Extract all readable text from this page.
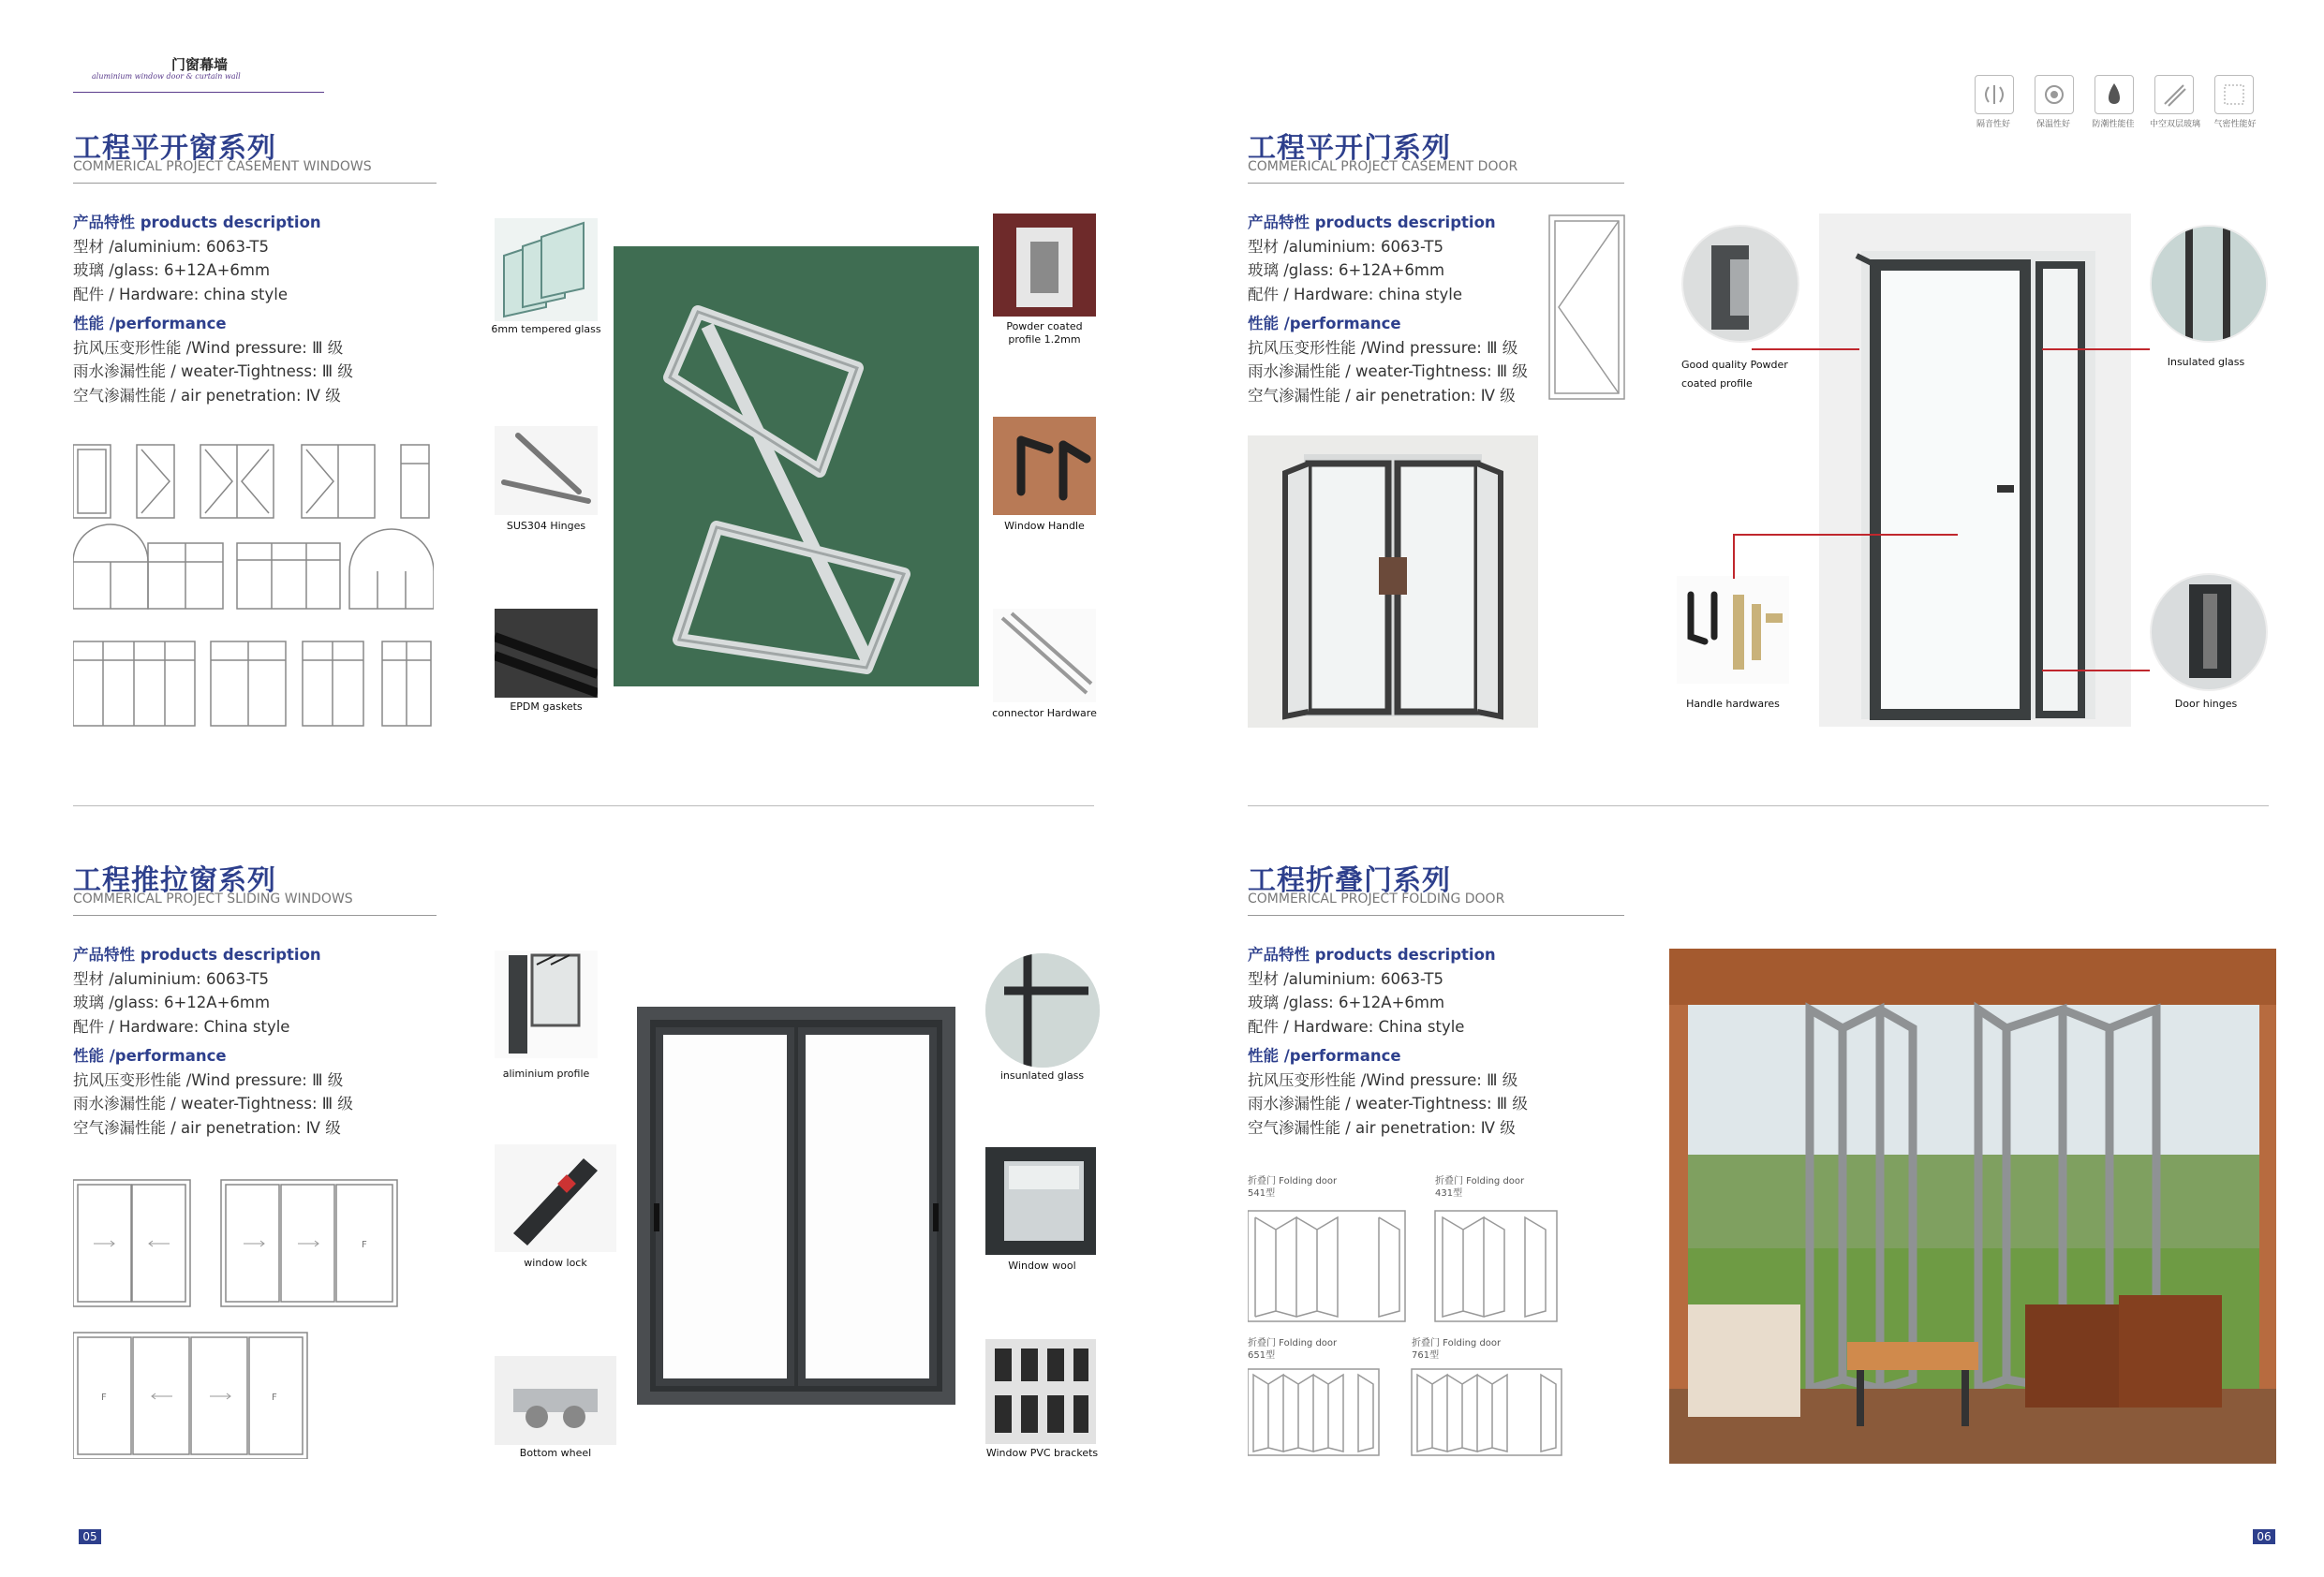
门窗幕墙
aluminium window door & curtain wall
隔音性好	保温性好	防潮性能佳	中空双层玻璃	气密性能好
工程平开窗系列
COMMERICAL PROJECT CASEMENT WINDOWS
产品特性 products description
型材 /aluminium: 6063-T5
玻璃 /glass: 6+12A+6mm
配件 / Hardware: china style
性能 /performance
抗风压变形性能 /Wind pressure: Ⅲ 级
雨水渗漏性能 / weater-Tightness: Ⅲ 级
空气渗漏性能 / air penetration: Ⅳ 级
6mm tempered glass
SUS304 Hinges
EPDM gaskets
Powder coated profile 1.2mm
Window Handle
connector Hardware
工程平开门系列
COMMERICAL PROJECT CASEMENT DOOR
产品特性 products description
型材 /aluminium: 6063-T5
玻璃 /glass: 6+12A+6mm
配件 / Hardware: china style
性能 /performance
抗风压变形性能 /Wind pressure: Ⅲ 级
雨水渗漏性能 / weater-Tightness: Ⅲ 级
空气渗漏性能 / air penetration: Ⅳ 级
Good quality Powder coated profile
Insulated glass
Handle hardwares	Door hinges
工程推拉窗系列
COMMERICAL PROJECT SLIDING WINDOWS
产品特性 products description
型材 /aluminium: 6063-T5
玻璃 /glass: 6+12A+6mm
配件 / Hardware: China style
性能 /performance
抗风压变形性能 /Wind pressure: Ⅲ 级
雨水渗漏性能 / weater-Tightness: Ⅲ 级
空气渗漏性能 / air penetration: Ⅳ 级
F
F	F
aliminium profile
window lock
Bottom wheel
insunlated glass
Window wool
Window PVC brackets
工程折叠门系列
COMMERICAL PROJECT FOLDING DOOR
产品特性 products description
型材 /aluminium: 6063-T5
玻璃 /glass: 6+12A+6mm
配件 / Hardware: China style
性能 /performance
抗风压变形性能 /Wind pressure: Ⅲ 级
雨水渗漏性能 / weater-Tightness: Ⅲ 级
空气渗漏性能 / air penetration: Ⅳ 级
折叠门 Folding door
541型
折叠门 Folding door
431型
折叠门 Folding door
651型
折叠门 Folding door
761型
05	06
